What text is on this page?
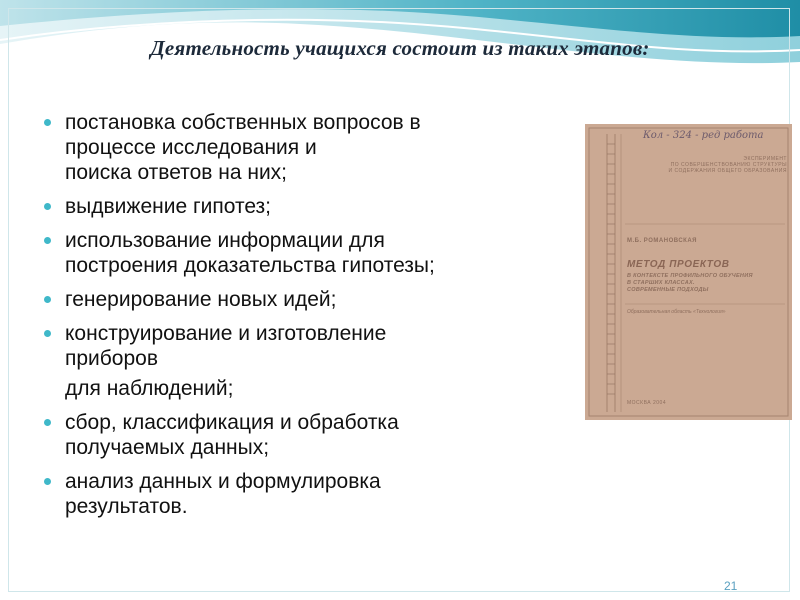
Деятельность учащихся состоит из таких этапов:
постановка собственных вопросов в
процессе исследования и
поиска ответов на них;
выдвижение гипотез;
использование информации для
построения доказательства гипотезы;
генерирование новых идей;
конструирование и изготовление
приборов
для наблюдений;
сбор, классификация и обработка
получаемых данных;
анализ данных и формулировка
результатов.
Кол - 324 - ред работа
ЭКСПЕРИМЕНТ
ПО СОВЕРШЕНСТВОВАНИЮ СТРУКТУРЫ
И СОДЕРЖАНИЯ ОБЩЕГО ОБРАЗОВАНИЯ
М.Б. РОМАНОВСКАЯ
МЕТОД ПРОЕКТОВ
В КОНТЕКСТЕ ПРОФИЛЬНОГО ОБУЧЕНИЯ
В СТАРШИХ КЛАССАХ.
СОВРЕМЕННЫЕ ПОДХОДЫ
Образовательная область «Технология»
МОСКВА 2004
21
